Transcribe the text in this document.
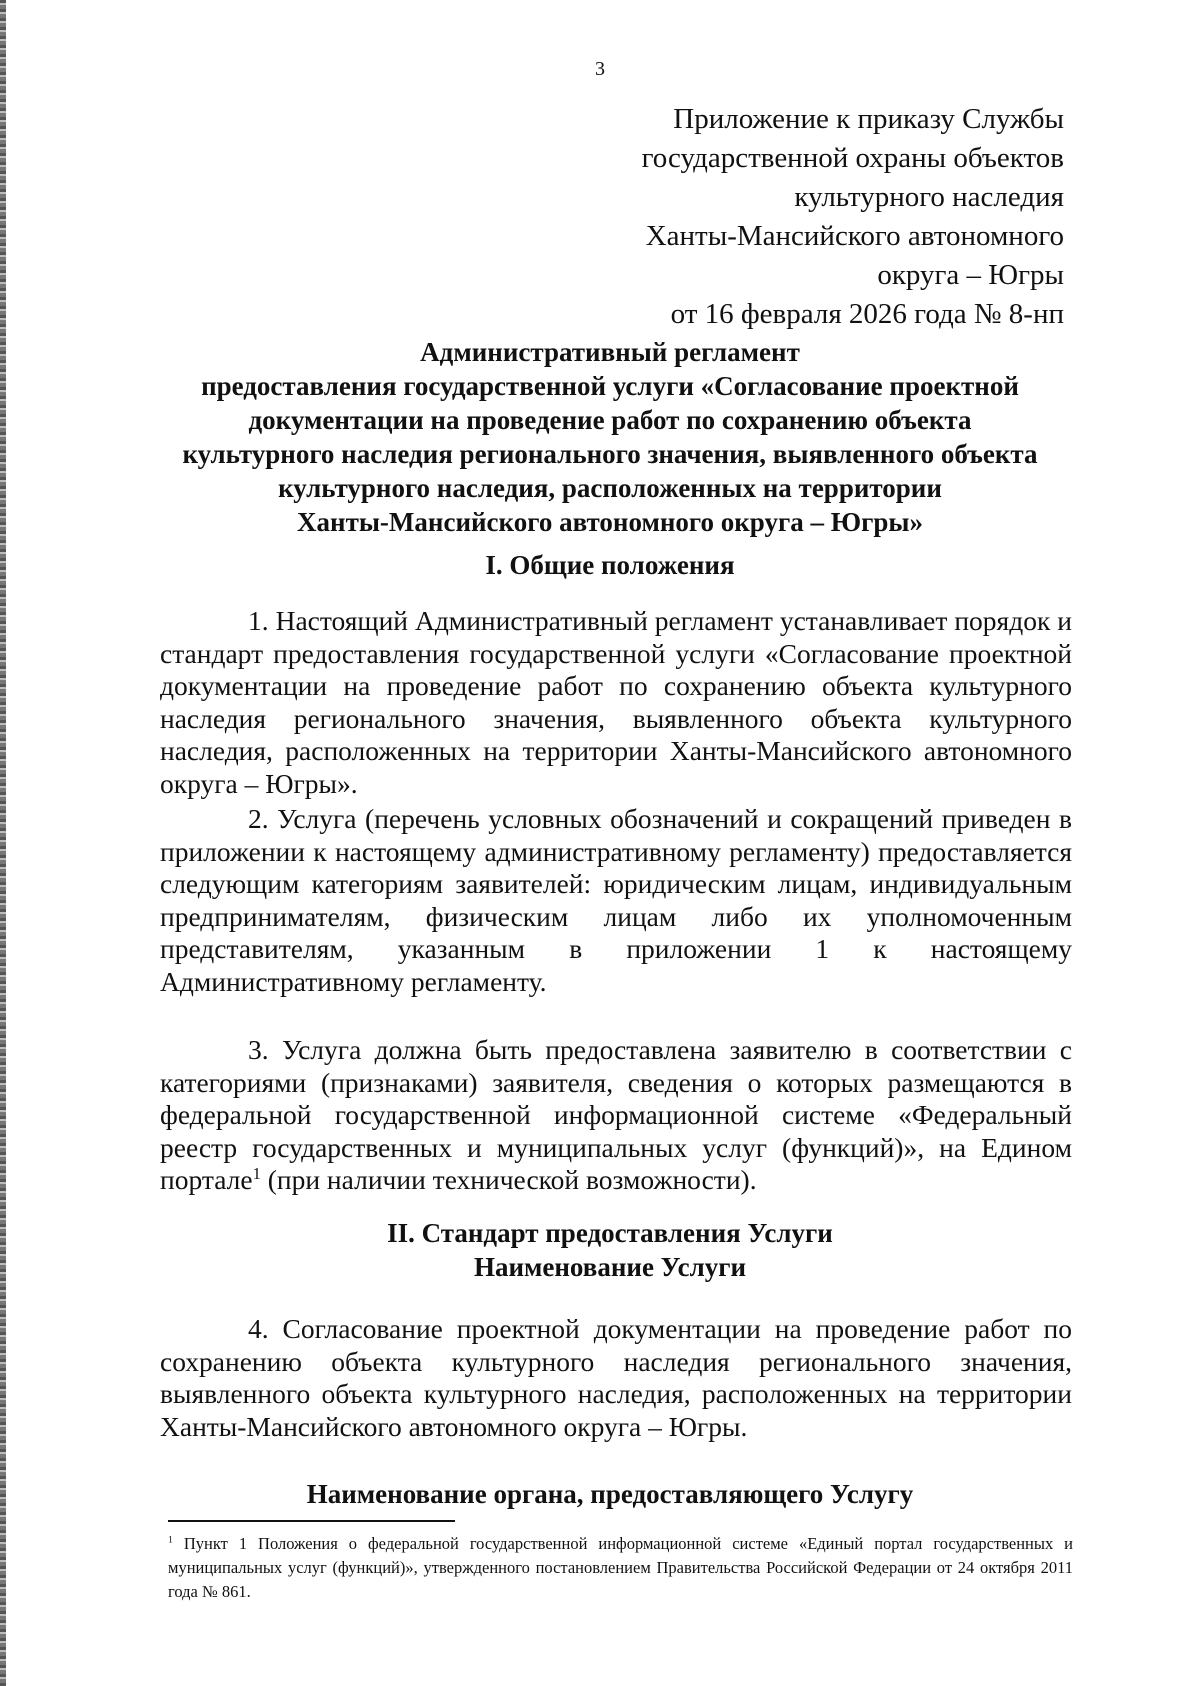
3
Приложение к приказу Службы
государственной охраны объектов
культурного наследия
Ханты-Мансийского автономного
округа – Югры
от 16 февраля 2026 года № 8-нп
Административный регламент
предоставления государственной услуги «Согласование проектной
документации на проведение работ по сохранению объекта
культурного наследия регионального значения, выявленного объекта
культурного наследия, расположенных на территории
Ханты-Мансийского автономного округа – Югры»
I. Общие положения
1. Настоящий Административный регламент устанавливает порядок и стандарт предоставления государственной услуги «Согласование проектной документации на проведение работ по сохранению объекта культурного наследия регионального значения, выявленного объекта культурного наследия, расположенных на территории Ханты-Мансийского автономного округа – Югры».
2. Услуга (перечень условных обозначений и сокращений приведен в приложении к настоящему административному регламенту) предоставляется следующим категориям заявителей: юридическим лицам, индивидуальным предпринимателям, физическим лицам либо их уполномоченным представителям, указанным в приложении 1 к настоящему Административному регламенту.
3. Услуга должна быть предоставлена заявителю в соответствии с категориями (признаками) заявителя, сведения о которых размещаются в федеральной государственной информационной системе «Федеральный реестр государственных и муниципальных услуг (функций)», на Едином портале$^1$ (при наличии технической возможности).
II. Стандарт предоставления Услуги
Наименование Услуги
4. Согласование проектной документации на проведение работ по сохранению объекта культурного наследия регионального значения, выявленного объекта культурного наследия, расположенных на территории Ханты-Мансийского автономного округа – Югры.
Наименование органа, предоставляющего Услугу
$^1$ Пункт 1 Положения о федеральной государственной информационной системе «Единый портал государственных и муниципальных услуг (функций)», утвержденного постановлением Правительства Российской Федерации от 24 октября 2011 года № 861.
